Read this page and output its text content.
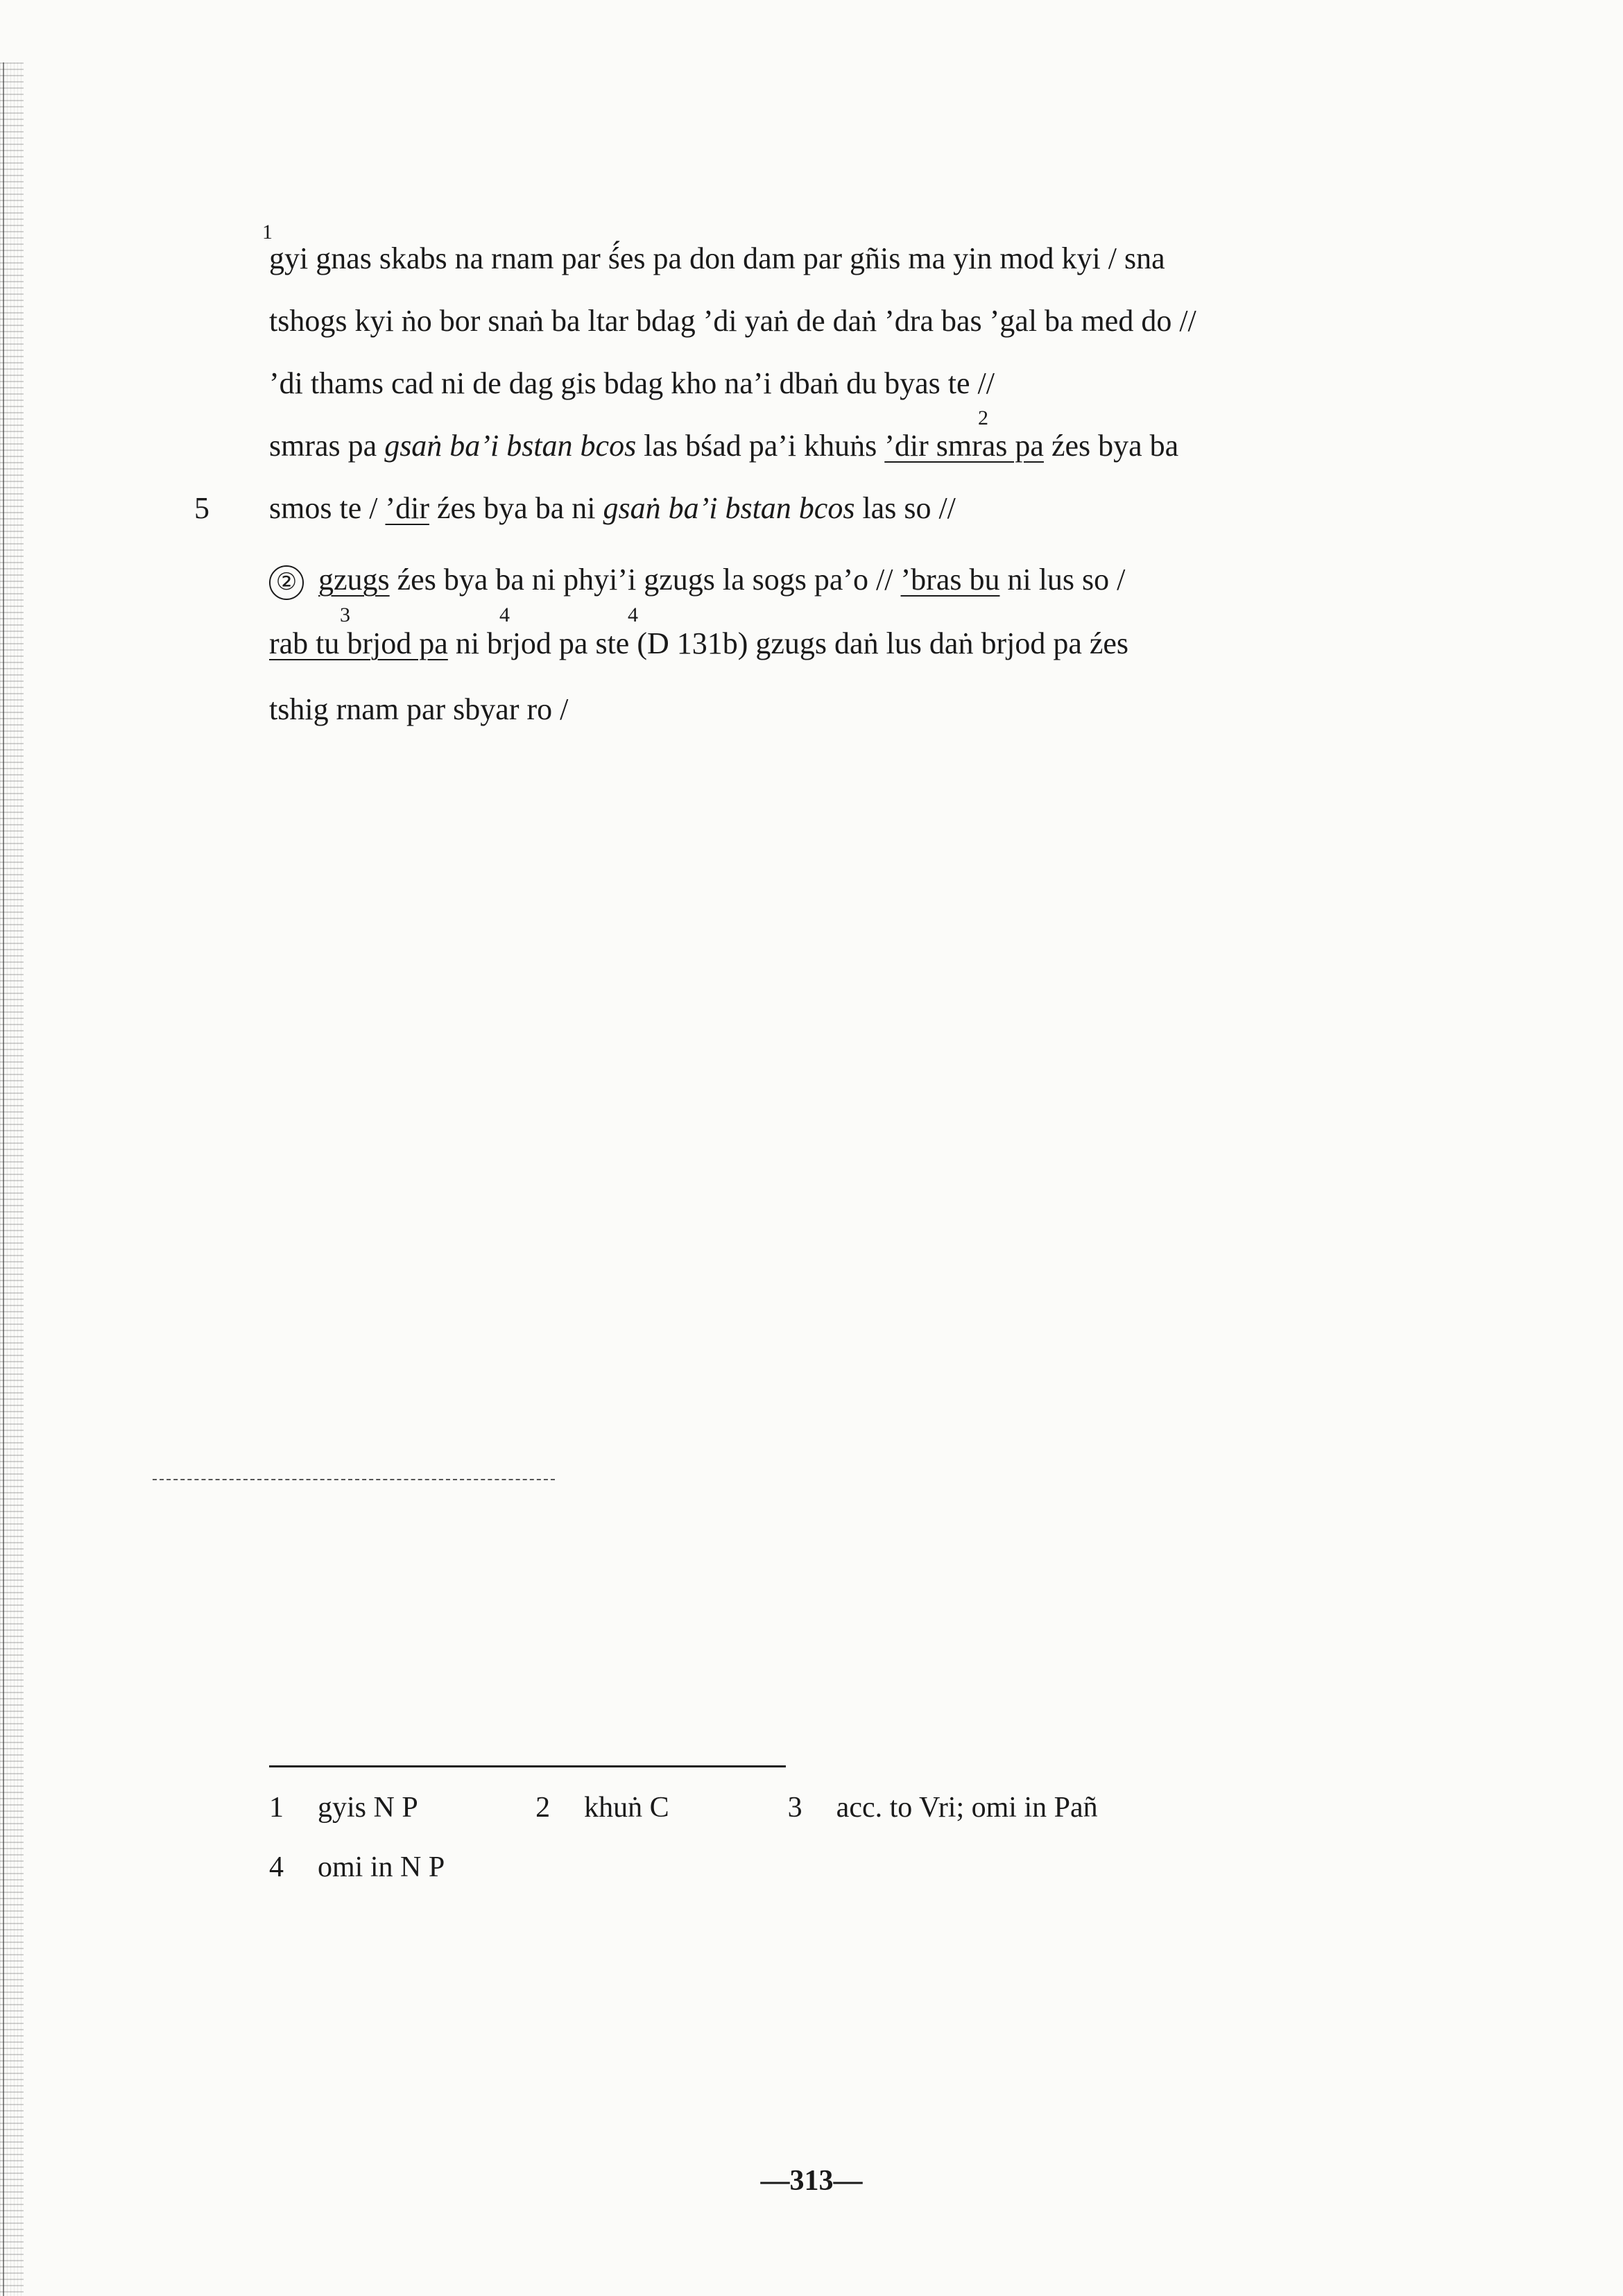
1
gyi gnas skabs na rnam par ś́es pa don dam par gñis ma yin mod kyi / sna
tshogs kyi ṅo bor snaṅ ba ltar bdag ’di yaṅ de daṅ ’dra bas ’gal ba med do //
’di thams cad ni de dag gis bdag kho na’i dbaṅ du byas te //
2
smras pa gsaṅ ba’i bstan bcos las bśad pa’i khuṅs ’dir smras pa źes bya ba
5 smos te / ’dir źes bya ba ni gsaṅ ba’i bstan bcos las so //
② gzugs źes bya ba ni phyi’i gzugs la sogs pa’o // ’bras bu ni lus so /
3	4	4
rab tu brjod pa ni brjod pa ste (D 131b) gzugs daṅ lus daṅ brjod pa źes
tshig rnam par sbyar ro /
1 gyis N P	2 khuṅ C	3 acc. to Vri; omi in Pañ
4 omi in N P
—313—
